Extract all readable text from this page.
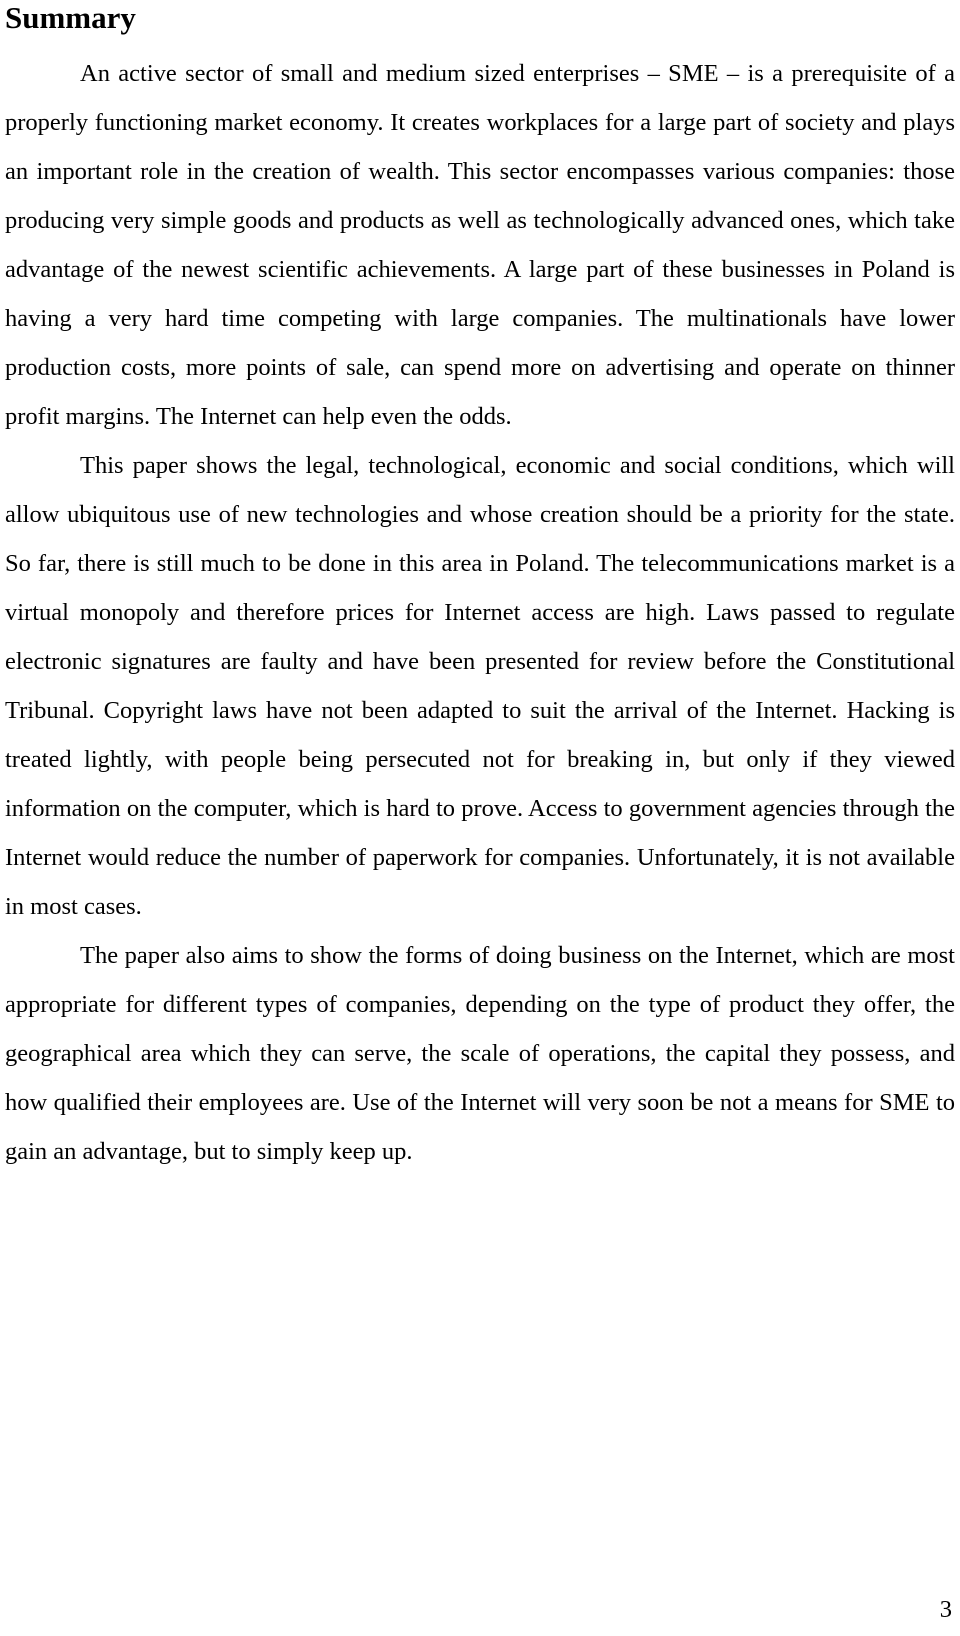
Summary

An active sector of small and medium sized enterprises – SME – is a prerequisite of a properly functioning market economy. It creates workplaces for a large part of society and plays an important role in the creation of wealth. This sector encompasses various companies: those producing very simple goods and products as well as technologically advanced ones, which take advantage of the newest scientific achievements. A large part of these businesses in Poland is having a very hard time competing with large companies. The multinationals have lower production costs, more points of sale, can spend more on advertising and operate on thinner profit margins. The Internet can help even the odds.

This paper shows the legal, technological, economic and social conditions, which will allow ubiquitous use of new technologies and whose creation should be a priority for the state. So far, there is still much to be done in this area in Poland. The telecommunications market is a virtual monopoly and therefore prices for Internet access are high. Laws passed to regulate electronic signatures are faulty and have been presented for review before the Constitutional Tribunal. Copyright laws have not been adapted to suit the arrival of the Internet. Hacking is treated lightly, with people being persecuted not for breaking in, but only if they viewed information on the computer, which is hard to prove. Access to government agencies through the Internet would reduce the number of paperwork for companies. Unfortunately, it is not available in most cases.

The paper also aims to show the forms of doing business on the Internet, which are most appropriate for different types of companies, depending on the type of product they offer, the geographical area which they can serve, the scale of operations, the capital they possess, and how qualified their employees are. Use of the Internet will very soon be not a means for SME to gain an advantage, but to simply keep up.

3
